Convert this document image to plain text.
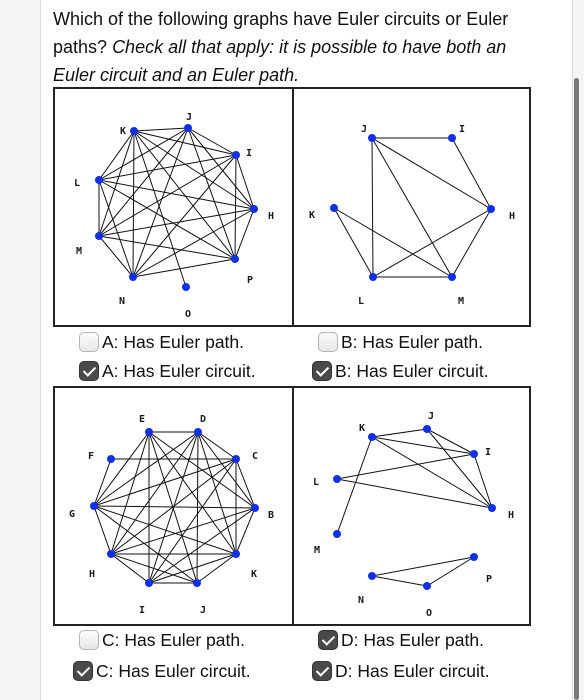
Which of the following graphs have Euler circuits or Euler paths? Check all that apply: it is possible to have both an Euler circuit and an Euler path.
K
J
I
H
P
O
N
M
L
J	I
H
M
L
K
E	D
C
B
K
J
I
H
G
F
K
J
I
H
L
M
N
O
P
A: Has Euler path.
A: Has Euler circuit.
B: Has Euler path.
B: Has Euler circuit.
C: Has Euler path.
C: Has Euler circuit.
D: Has Euler path.
D: Has Euler circuit.
